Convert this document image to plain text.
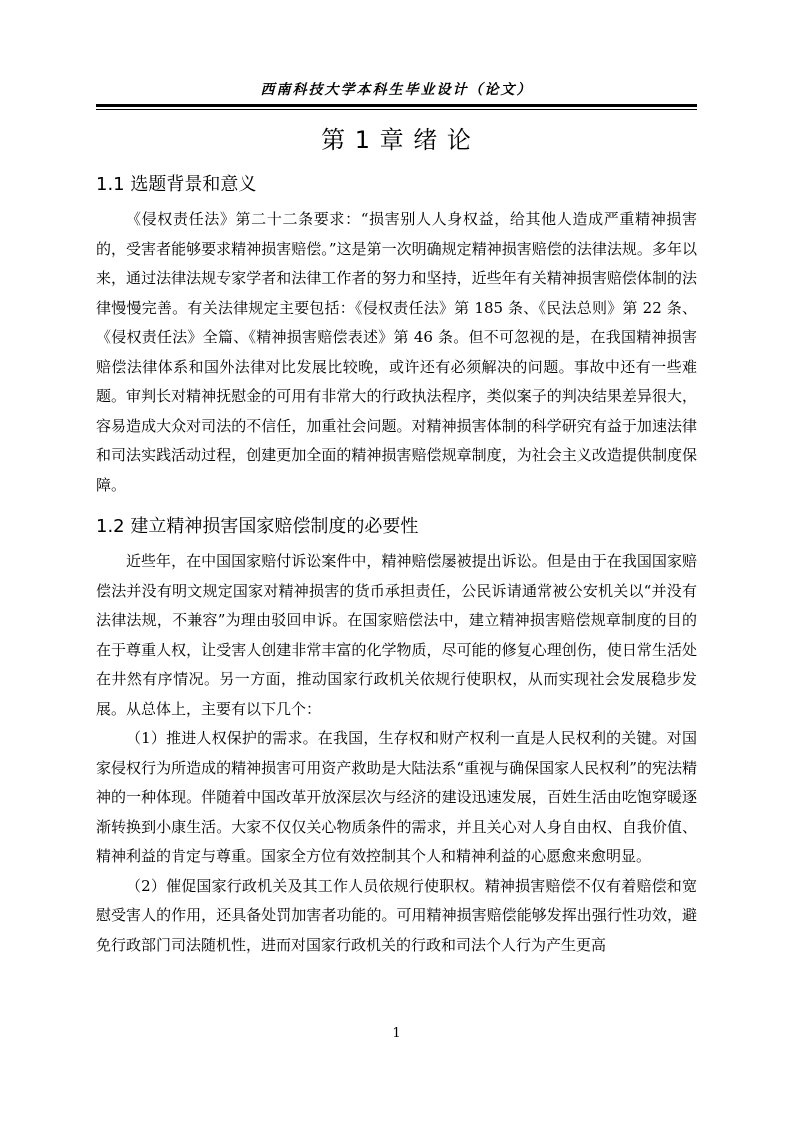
西南科技大学本科生毕业设计（论文）
第 1 章 绪 论
1.1 选题背景和意义

《侵权责任法》第二十二条要求：“损害别人人身权益，给其他人造成严重精神损害的，受害者能够要求精神损害赔偿。”这是第一次明确规定精神损害赔偿的法律法规。多年以来，通过法律法规专家学者和法律工作者的努力和坚持，近些年有关精神损害赔偿体制的法律慢慢完善。有关法律规定主要包括：《侵权责任法》第 185 条、《民法总则》第 22 条、《侵权责任法》全篇、《精神损害赔偿表述》第 46 条。但不可忽视的是，在我国精神损害赔偿法律体系和国外法律对比发展比较晚，或许还有必须解决的问题。事故中还有一些难题。审判长对精神抚慰金的可用有非常大的行政执法程序，类似案子的判决结果差异很大，容易造成大众对司法的不信任，加重社会问题。对精神损害体制的科学研究有益于加速法律和司法实践活动过程，创建更加全面的精神损害赔偿规章制度，为社会主义改造提供制度保障。

1.2 建立精神损害国家赔偿制度的必要性

近些年，在中国国家赔付诉讼案件中，精神赔偿屡被提出诉讼。但是由于在我国国家赔偿法并没有明文规定国家对精神损害的货币承担责任，公民诉请通常被公安机关以“并没有法律法规，不兼容”为理由驳回申诉。在国家赔偿法中，建立精神损害赔偿规章制度的目的在于尊重人权，让受害人创建非常丰富的化学物质，尽可能的修复心理创伤，使日常生活处在井然有序情况。另一方面，推动国家行政机关依规行使职权，从而实现社会发展稳步发展。从总体上，主要有以下几个：

（1）推进人权保护的需求。在我国，生存权和财产权利一直是人民权利的关键。对国家侵权行为所造成的精神损害可用资产救助是大陆法系“重视与确保国家人民权利”的宪法精神的一种体现。伴随着中国改革开放深层次与经济的建设迅速发展，百姓生活由吃饱穿暖逐渐转换到小康生活。大家不仅仅关心物质条件的需求，并且关心对人身自由权、自我价值、精神利益的肯定与尊重。国家全方位有效控制其个人和精神利益的心愿愈来愈明显。

（2）催促国家行政机关及其工作人员依规行使职权。精神损害赔偿不仅有着赔偿和宽慰受害人的作用，还具备处罚加害者功能的。可用精神损害赔偿能够发挥出强行性功效，避免行政部门司法随机性，进而对国家行政机关的行政和司法个人行为产生更高

1
